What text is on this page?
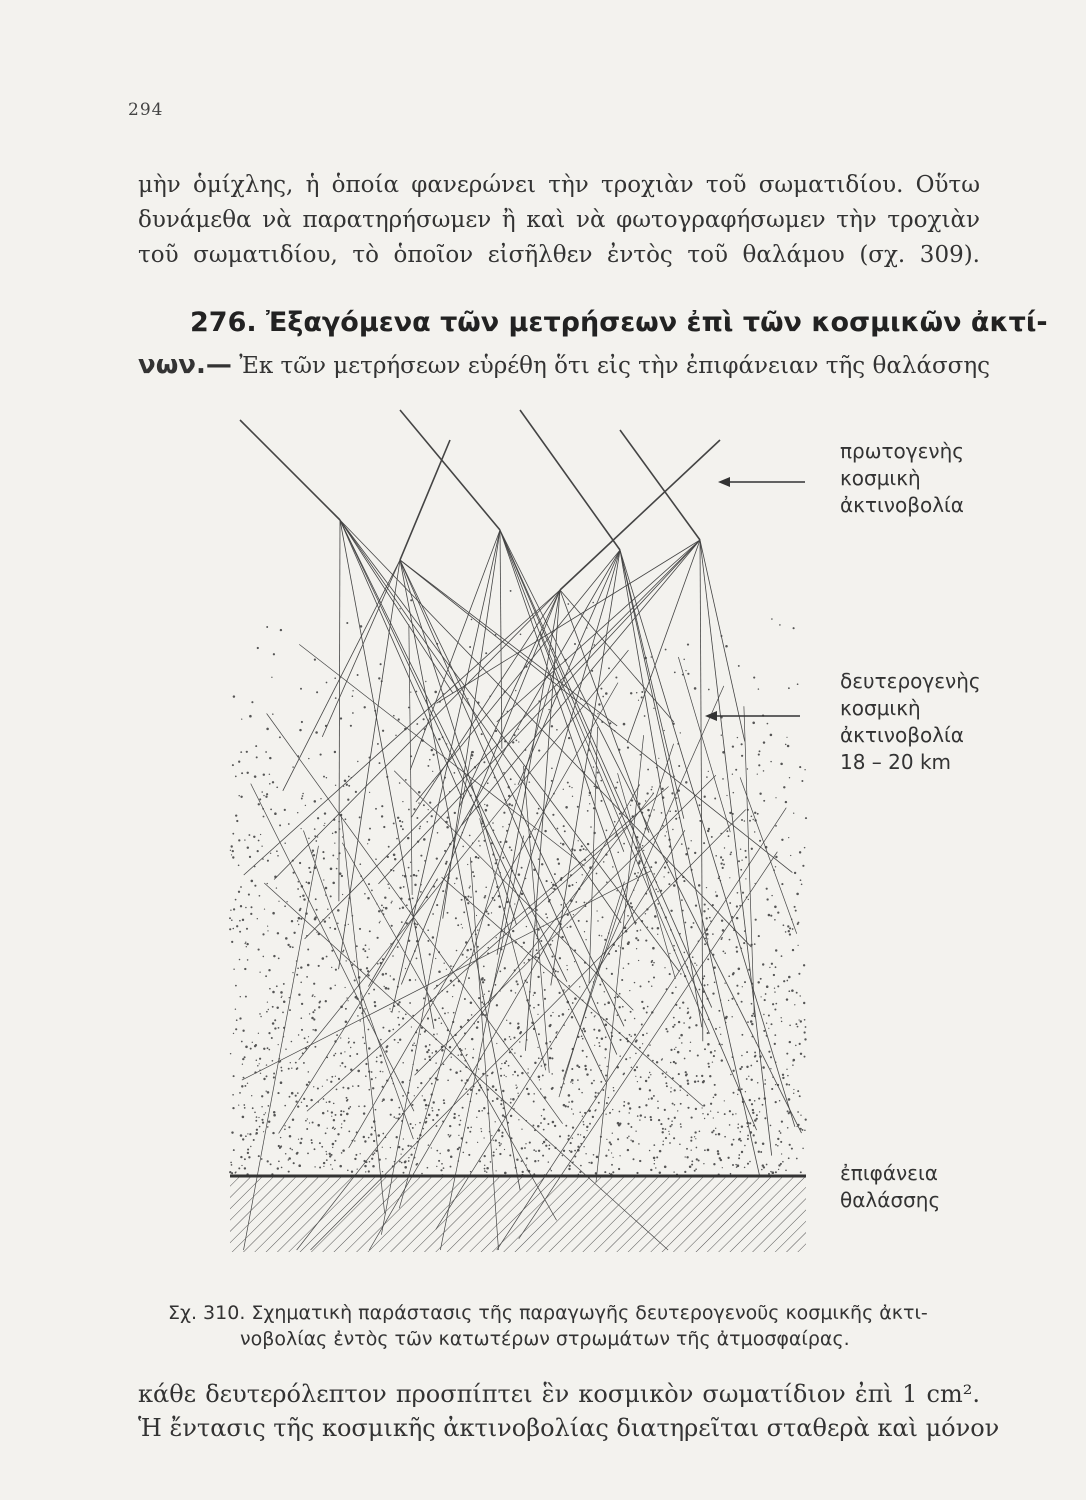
294
μὴν ὁμίχλης, ἡ ὁποία φανερώνει τὴν τροχιὰν τοῦ σωματιδίου. Οὕτω
δυνάμεθα νὰ παρατηρήσωμεν ἢ καὶ νὰ φωτογραφήσωμεν τὴν τροχιὰν
τοῦ σωματιδίου, τὸ ὁποῖον εἰσῆλθεν ἐντὸς τοῦ θαλάμου (σχ. 309).
276. Ἐξαγόμενα τῶν μετρήσεων ἐπὶ τῶν κοσμικῶν ἀκτί-
νων.— Ἐκ τῶν μετρήσεων εὑρέθη ὅτι εἰς τὴν ἐπιφάνειαν τῆς θαλάσσης
πρωτογενὴς
κοσμικὴ
ἀκτινοβολία
δευτερογενὴς
κοσμικὴ
ἀκτινοβολία
18 – 20 km
ἐπιφάνεια
θαλάσσης
Σχ. 310. Σχηματικὴ παράστασις τῆς παραγωγῆς δευτερογενοῦς κοσμικῆς ἀκτι-
νοβολίας ἐντὸς τῶν κατωτέρων στρωμάτων τῆς ἀτμοσφαίρας.
κάθε δευτερόλεπτον προσπίπτει ἓν κοσμικὸν σωματίδιον ἐπὶ 1 cm².
Ἡ ἔντασις τῆς κοσμικῆς ἀκτινοβολίας διατηρεῖται σταθερὰ καὶ μόνον
